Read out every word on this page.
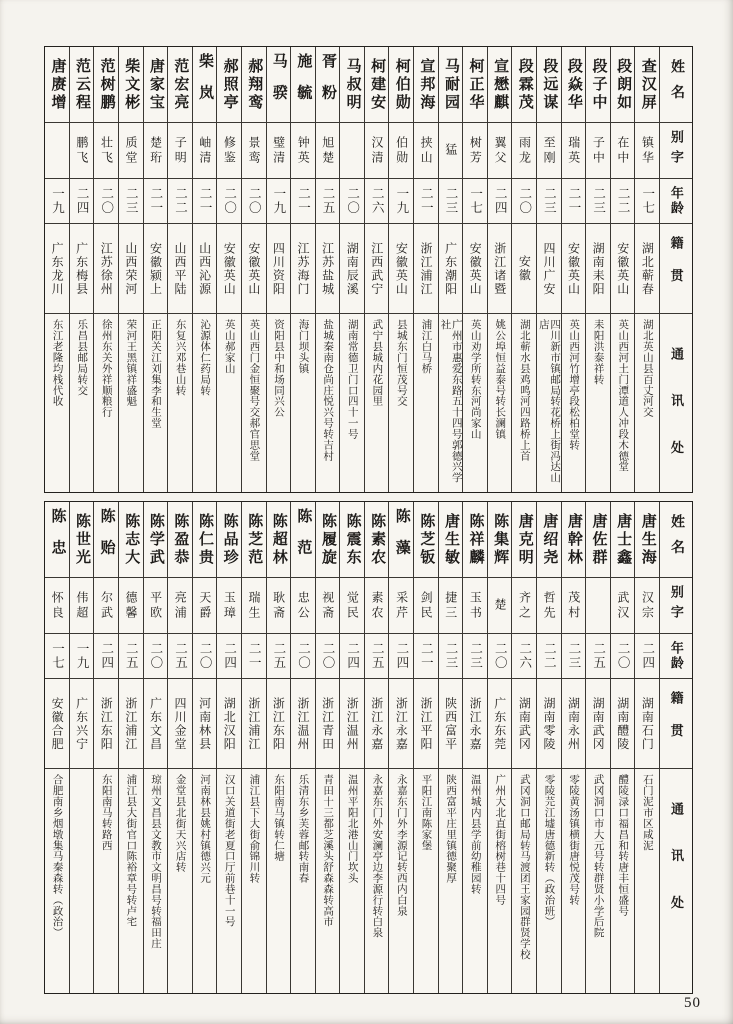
姓名
别字
年龄
籍贯
通讯处
查汉屏
镇华
一七
湖北蕲春
湖北英山县百丈河交
段朗如
在中
二二
安徽英山
英山西河土门潭道人冲段木德堂
段子中
子中
二三
湖南耒阳
耒阳洪泰祥转
段焱华
瑞英
二一
安徽英山
英山西河竹增亭段松柏堂转
段远谋
至刚
二三
四川广安
四川新市镇邮局转花桥上街冯达山店
段霖茂
雨龙
二〇
安徽
湖北蕲水县鸡鸣河四路桥上首
宣懋麒
翼父
二四
浙江诸暨
姚公埠恒益泰号转长澜镇
柯正华
树芳
一七
安徽英山
英山劝学所转东河尚家山
马耐园
猛
二三
广东潮阳
广州市惠爱东路五十四号郭德兴学社
宣邦海
挟山
二一
浙江浦江
浦江白马桥
柯伯勋
伯勋
一九
安徽英山
县城东门恒茂号交
柯建安
汉清
二六
江西武宁
武宁县城内花园里
马叔明
二〇
湖南辰溪
湖南常德卫门口四十一号
胥粉
旭楚
二五
江苏盐城
盐城秦南仓尚庄悦兴号转吉村
施毓
钟英
二一
江苏海门
海门坝头镇
马骙
璧清
一九
四川资阳
资阳县中和场同兴公
郝翔鸾
景鸾
二〇
安徽英山
英山西门金恒聚号交郝官思堂
郝照亭
修鉴
二〇
安徽英山
英山郝家山
柴岚
岫清
二一
山西沁源
沁源体仁药局转
范宏亮
子明
二二
山西平陆
东复兴邓巷山转
唐家宝
楚珩
二一
安徽颍上
正阳关江刘集李和生堂
柴文彬
质堂
二三
山西荣河
荣河王黑镇祥盛魁
范树鹏
壮飞
二〇
江苏徐州
徐州东关外祥顺粮行
范云程
鹏飞
二四
广东梅县
乐昌县邮局转交
唐赓增
一九
广东龙川
东江老隆均栈代收
姓名
别字
年龄
籍贯
通讯处
唐生海
汉宗
二四
湖南石门
石门泥市区咸泥
唐士鑫
武汉
二〇
湖南醴陵
醴陵渌口福昌和转唐丰恒盛号
唐佐群
二五
湖南武冈
武冈洞口市大元号转群贤小学后院
唐幹林
茂村
二三
湖南永州
零陵黄汤镇横街唐悦茂号转
唐绍尧
哲先
二二
湖南零陵
零陵芫江墟唐德新转（政治班）
唐克明
齐之
二六
湖南武冈
武冈洞口邮局转马渡团王家园群贤学校
陈集辉
楚
二〇
广东东莞
广州大北直街榕树巷十四号
陈祥麟
玉书
二三
浙江永嘉
温州城内县学前幼稚园转
唐生敏
捷三
二三
陕西富平
陕西富平庄里镇德聚厚
陈芝钣
剑民
二一
浙江平阳
平阳江南陈家堡
陈藻
采芹
二四
浙江永嘉
永嘉东门外李源记转西内白泉
陈素农
素农
二五
浙江永嘉
永嘉东门外安澜亭边李源行转白泉
陈震东
觉民
二四
浙江温州
温州平阳北港山门坎头
陈履旋
视斋
二〇
浙江青田
青田十三都芝溪头舒森森转高市
陈范
忠公
二〇
浙江温州
乐清东乡芙蓉邮转南春
陈超林
耿斋
二五
浙江东阳
东阳南马镇转仁塘
陈芝范
瑞生
二一
浙江浦江
浦江县下大街俞锦川转
陈品珍
玉璋
二四
湖北汉阳
汉口关道街老夏口厅前巷十一号
陈仁贵
天爵
二〇
河南林县
河南林县姚村镇德兴元
陈盈恭
亮浦
二五
四川金堂
金堂县北街天兴店转
陈学武
平欧
二〇
广东文昌
琼州文昌县文教市文明昌号转福田庄
陈志大
德馨
二五
浙江浦江
浦江县大街官口陈裕章号转卢宅
陈贻
尔武
二四
浙江东阳
东阳南马转路西
陈世光
伟超
一九
广东兴宁
陈忠
怀良
一七
安徽合肥
合肥南乡烟墩集马秦森转（政治）
50
